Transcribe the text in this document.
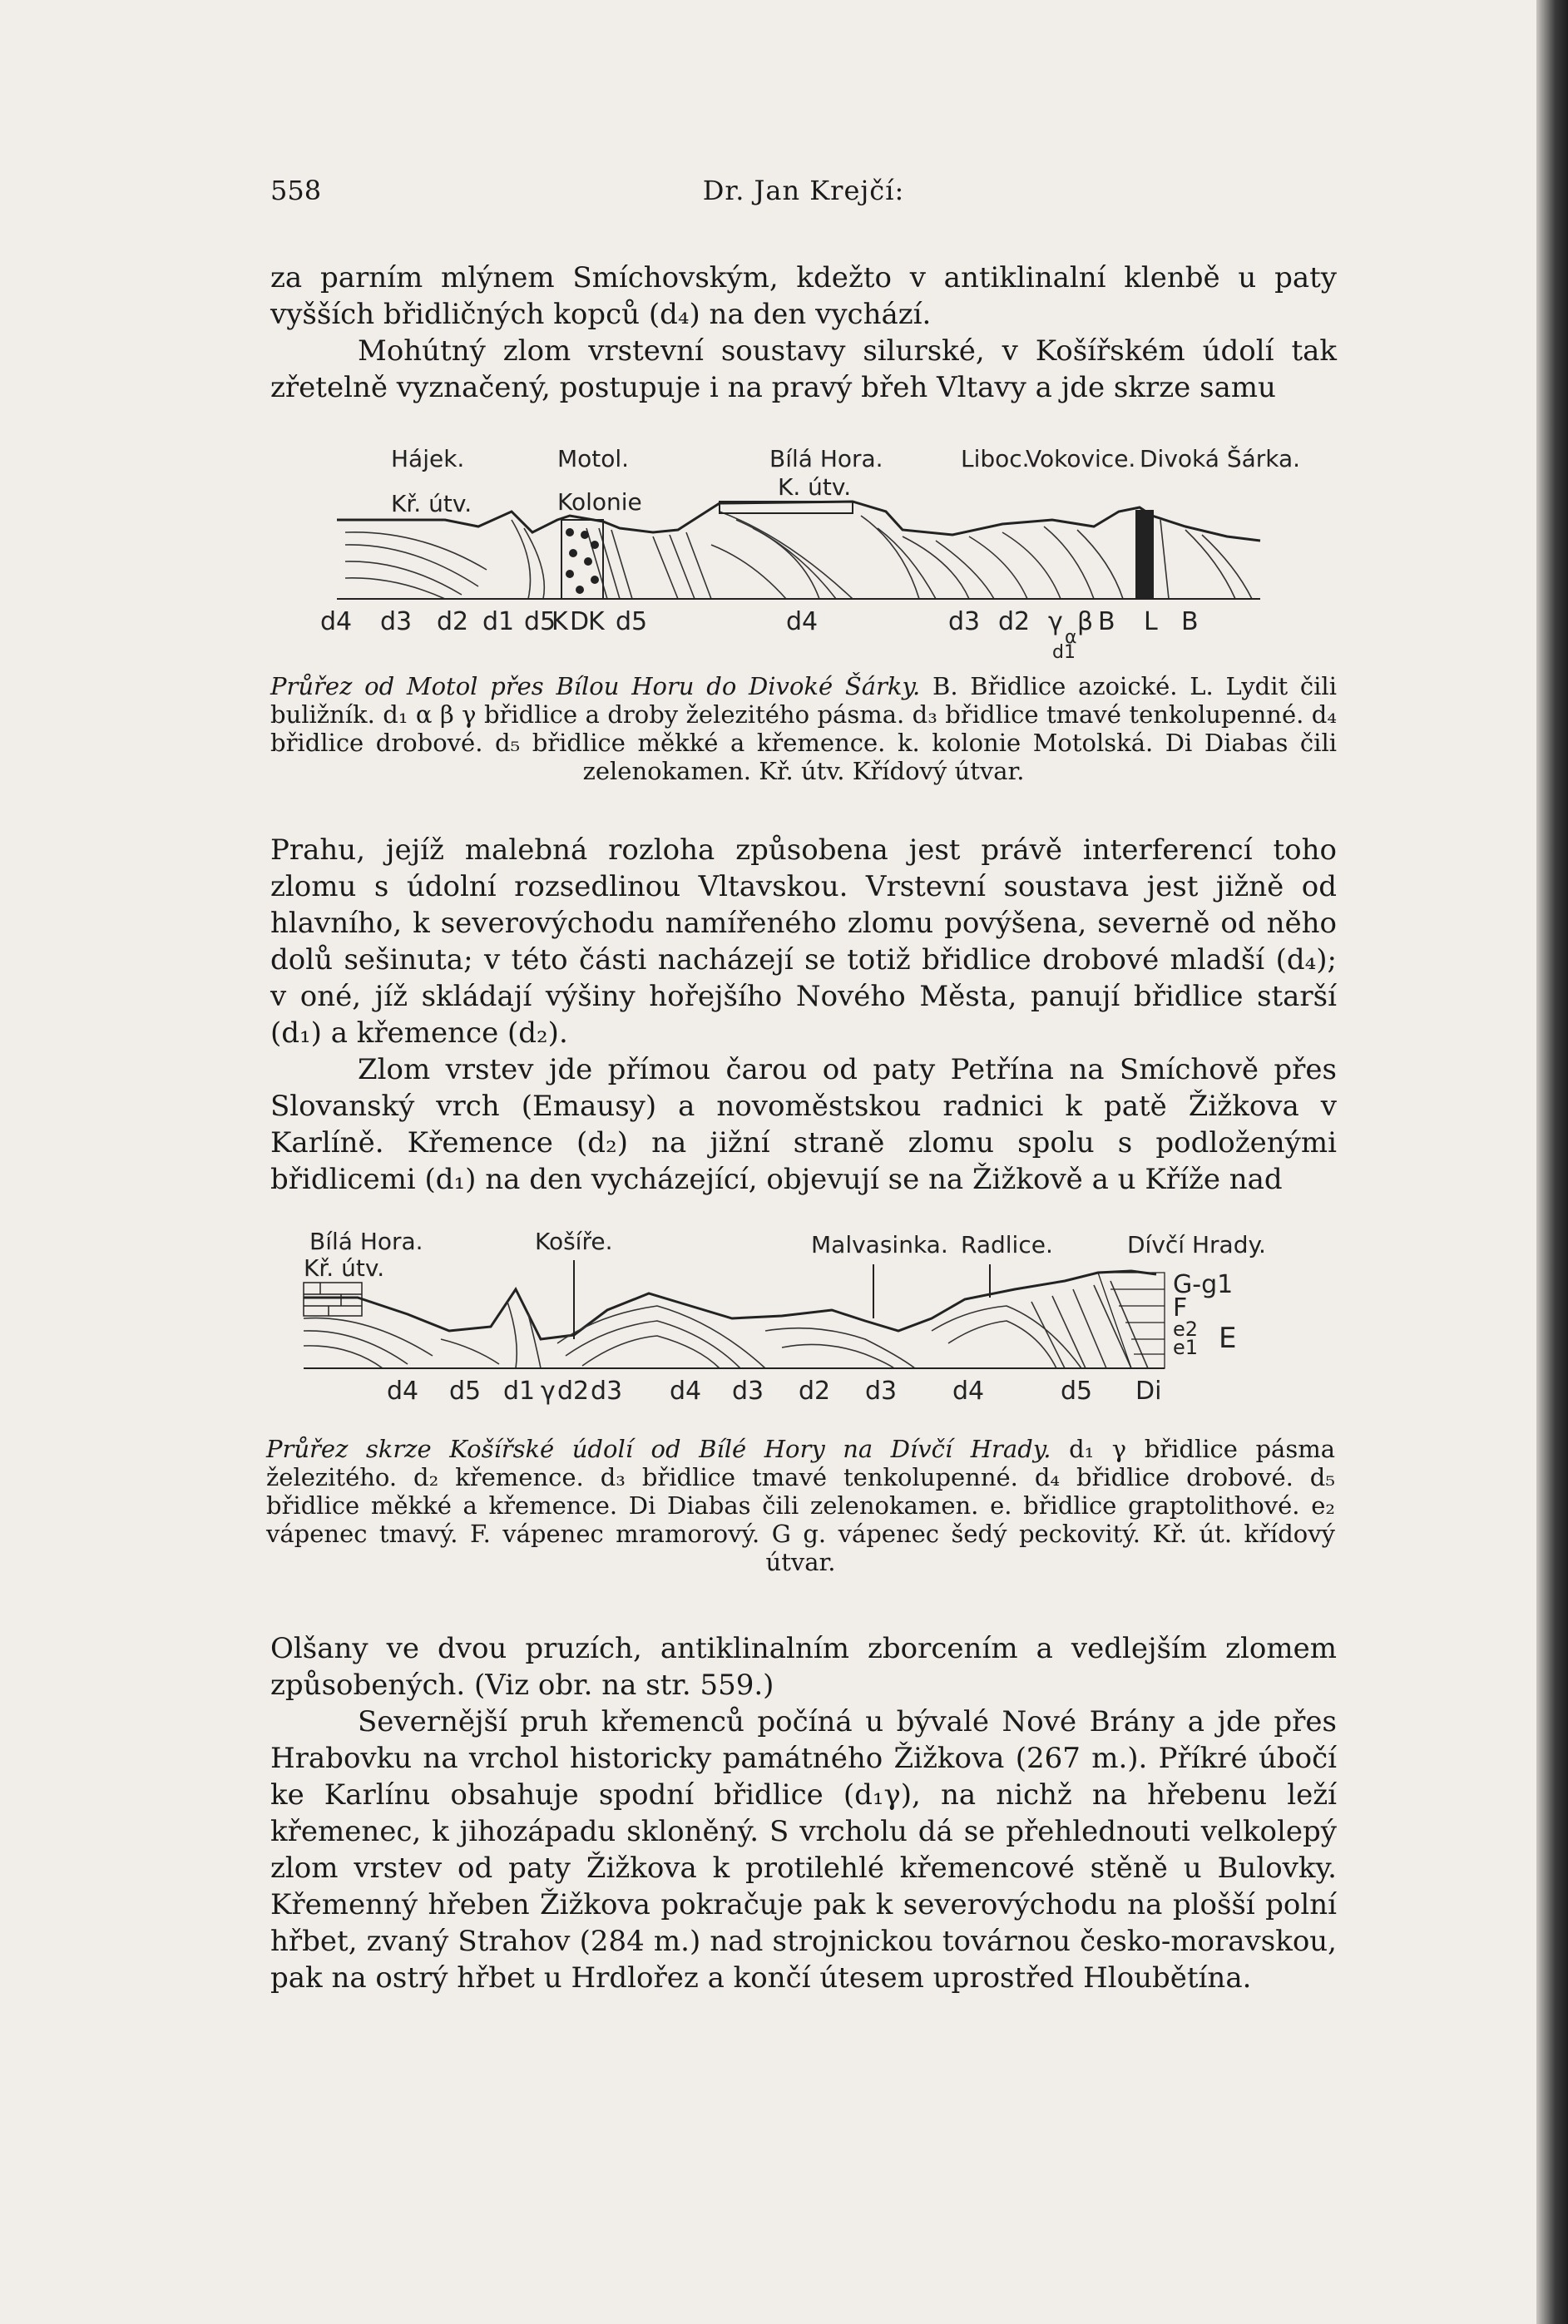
558	Dr. Jan Krejčí:

za parním mlýnem Smíchovským, kdežto v antiklinalní klenbě u paty vyšších břidličných kopců (d₄) na den vychází.

Mohútný zlom vrstevní soustavy silurské, v Košířském údolí tak zřetelně vyznačený, postupuje i na pravý břeh Vltavy a jde skrze samu

Hájek.	Motol.	Bílá Hora.	Liboc.
Vokovice. Divoká Šárka.
Kř. útv.	Kolonie
K. útv.
d4 d3 d2 d1 d5
K D
K d5	d4	d3 d2 γ β B L B
α
d1
Průřez od Motol přes Bílou Horu do Divoké Šárky. B. Břidlice azoické. L. Lydit čili buližník. d₁ α β γ břidlice a droby železitého pásma. d₃ břidlice tmavé tenkolupenné. d₄ břidlice drobové. d₅ břidlice měkké a křemence. k. kolonie Motolská. Di Diabas čili zelenokamen. Kř. útv. Křídový útvar.

Prahu, jejíž malebná rozloha způsobena jest právě interferencí toho zlomu s údolní rozsedlinou Vltavskou. Vrstevní soustava jest jižně od hlavního, k severovýchodu namířeného zlomu povýšena, severně od něho dolů sešinuta; v této části nacházejí se totiž břidlice drobové mladší (d₄); v oné, jíž skládají výšiny hořejšího Nového Města, panují břidlice starší (d₁) a křemence (d₂).

Zlom vrstev jde přímou čarou od paty Petřína na Smíchově přes Slovanský vrch (Emausy) a novoměstskou radnici k patě Žižkova v Karlíně. Křemence (d₂) na jižní straně zlomu spolu s podloženými břidlicemi (d₁) na den vycházející, objevují se na Žižkově a u Kříže nad

Bílá Hora.	Košíře.	Malvasinka. Radlice.	Dívčí Hrady.
Kř. útv.
G-g1
F
e2
e1 E
d4 d5 d1 γ d2 d3 d4 d3 d2 d3 d4	d5 Di
Průřez skrze Košířské údolí od Bílé Hory na Dívčí Hrady. d₁ γ břidlice pásma železitého. d₂ křemence. d₃ břidlice tmavé tenkolupenné. d₄ břidlice drobové. d₅ břidlice měkké a křemence. Di Diabas čili zelenokamen. e. břidlice graptolithové. e₂ vápenec tmavý. F. vápenec mramorový. G g. vápenec šedý peckovitý. Kř. út. křídový útvar.

Olšany ve dvou pruzích, antiklinalním zborcením a vedlejším zlomem způsobených. (Viz obr. na str. 559.)

Severnější pruh křemenců počíná u bývalé Nové Brány a jde přes Hrabovku na vrchol historicky památného Žižkova (267 m.). Příkré úbočí ke Karlínu obsahuje spodní břidlice (d₁γ), na nichž na hřebenu leží křemenec, k jihozápadu skloněný. S vrcholu dá se přehlednouti velkolepý zlom vrstev od paty Žižkova k protilehlé křemencové stěně u Bulovky. Křemenný hřeben Žižkova pokračuje pak k severovýchodu na plošší polní hřbet, zvaný Strahov (284 m.) nad strojnickou továrnou česko-moravskou, pak na ostrý hřbet u Hrdlořez a končí útesem uprostřed Hloubětína.
